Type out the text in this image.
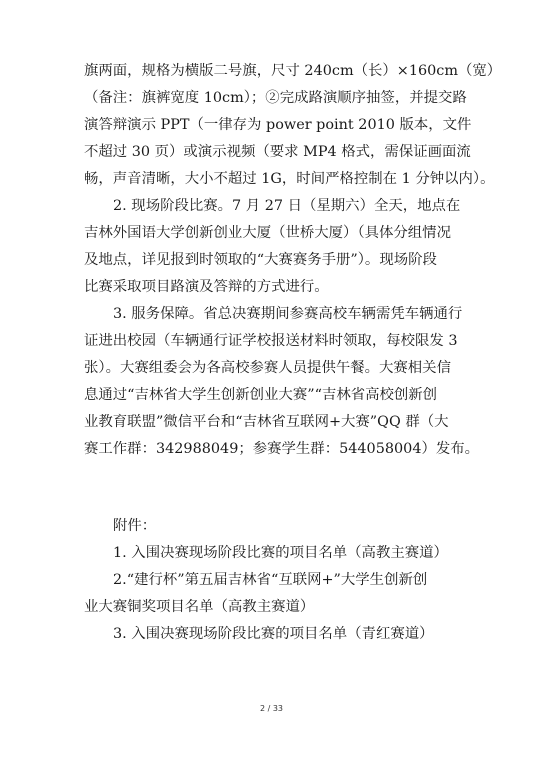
旗两面，规格为横版二号旗，尺寸 240cm（长）×160cm（宽）
（备注：旗裤宽度 10cm）；②完成路演顺序抽签，并提交路
演答辩演示 PPT（一律存为 power point 2010 版本，文件
不超过 30 页）或演示视频（要求 MP4 格式，需保证画面流
畅，声音清晰，大小不超过 1G，时间严格控制在 1 分钟以内）。
2. 现场阶段比赛。7 月 27 日（星期六）全天，地点在
吉林外国语大学创新创业大厦（世桥大厦）（具体分组情况
及地点，详见报到时领取的“大赛赛务手册”）。现场阶段
比赛采取项目路演及答辩的方式进行。
3. 服务保障。省总决赛期间参赛高校车辆需凭车辆通行
证进出校园（车辆通行证学校报送材料时领取，每校限发 3
张）。大赛组委会为各高校参赛人员提供午餐。大赛相关信
息通过“吉林省大学生创新创业大赛”“吉林省高校创新创
业教育联盟”微信平台和“吉林省互联网+大赛”QQ 群（大
赛工作群：342988049；参赛学生群：544058004）发布。
附件：
1. 入围决赛现场阶段比赛的项目名单（高教主赛道）
2.“建行杯”第五届吉林省“互联网+”大学生创新创
业大赛铜奖项目名单（高教主赛道）
3. 入围决赛现场阶段比赛的项目名单（青红赛道）
2 / 33
